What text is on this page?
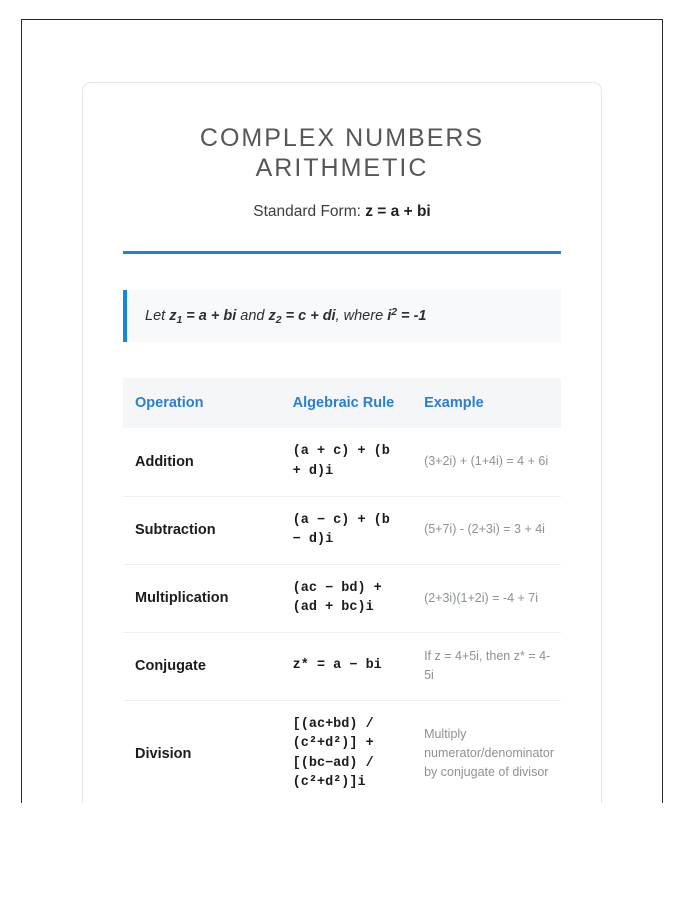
COMPLEX NUMBERS ARITHMETIC

Standard Form: z = a + bi

Let $z_1 = a$ + bi and $z_2 = c$ + di, where $i^2 = -1$
Operation	Algebraic Rule	Example
Addition	(a + c) + (b + d)i	(3+2i) + (1+4i) = 4 + 6i
Subtraction	(a − c) + (b − d)i	(5+7i) - (2+3i) = 3 + 4i
Multiplication	(ac − bd) + (ad + bc)i	(2+3i)(1+2i) = -4 + 7i
Conjugate	z* = a − bi	If z = 4+5i, then z* = 4-5i
Division	[(ac+bd) / (c²+d²)] + [(bc−ad) / (c²+d²)]i	Multiply numerator/denominator by conjugate of divisor
